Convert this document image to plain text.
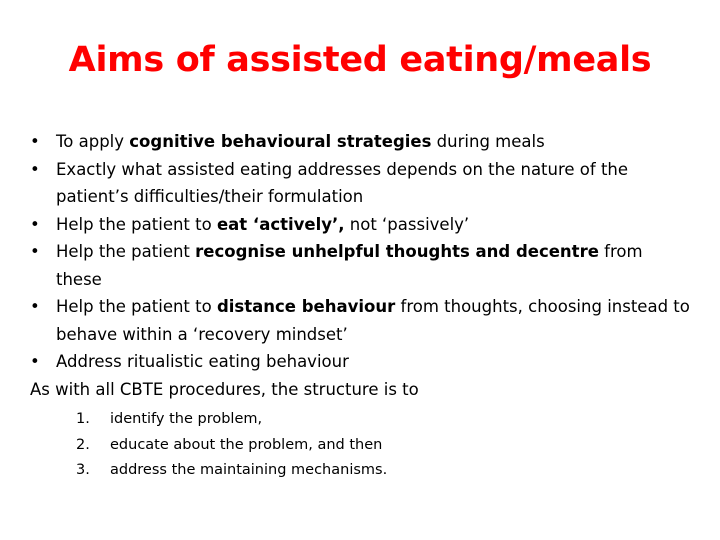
Aims of assisted eating/meals
• To apply cognitive behavioural strategies during meals
• Exactly what assisted eating addresses depends on the nature of the patient’s difficulties/their formulation
• Help the patient to eat ‘actively’, not ‘passively’
• Help the patient recognise unhelpful thoughts and decentre from these
• Help the patient to distance behaviour from thoughts, choosing instead to behave within a ‘recovery mindset’
• Address ritualistic eating behaviour

As with all CBTE procedures, the structure is to

1. identify the problem,
2. educate about the problem, and then
3. address the maintaining mechanisms.
